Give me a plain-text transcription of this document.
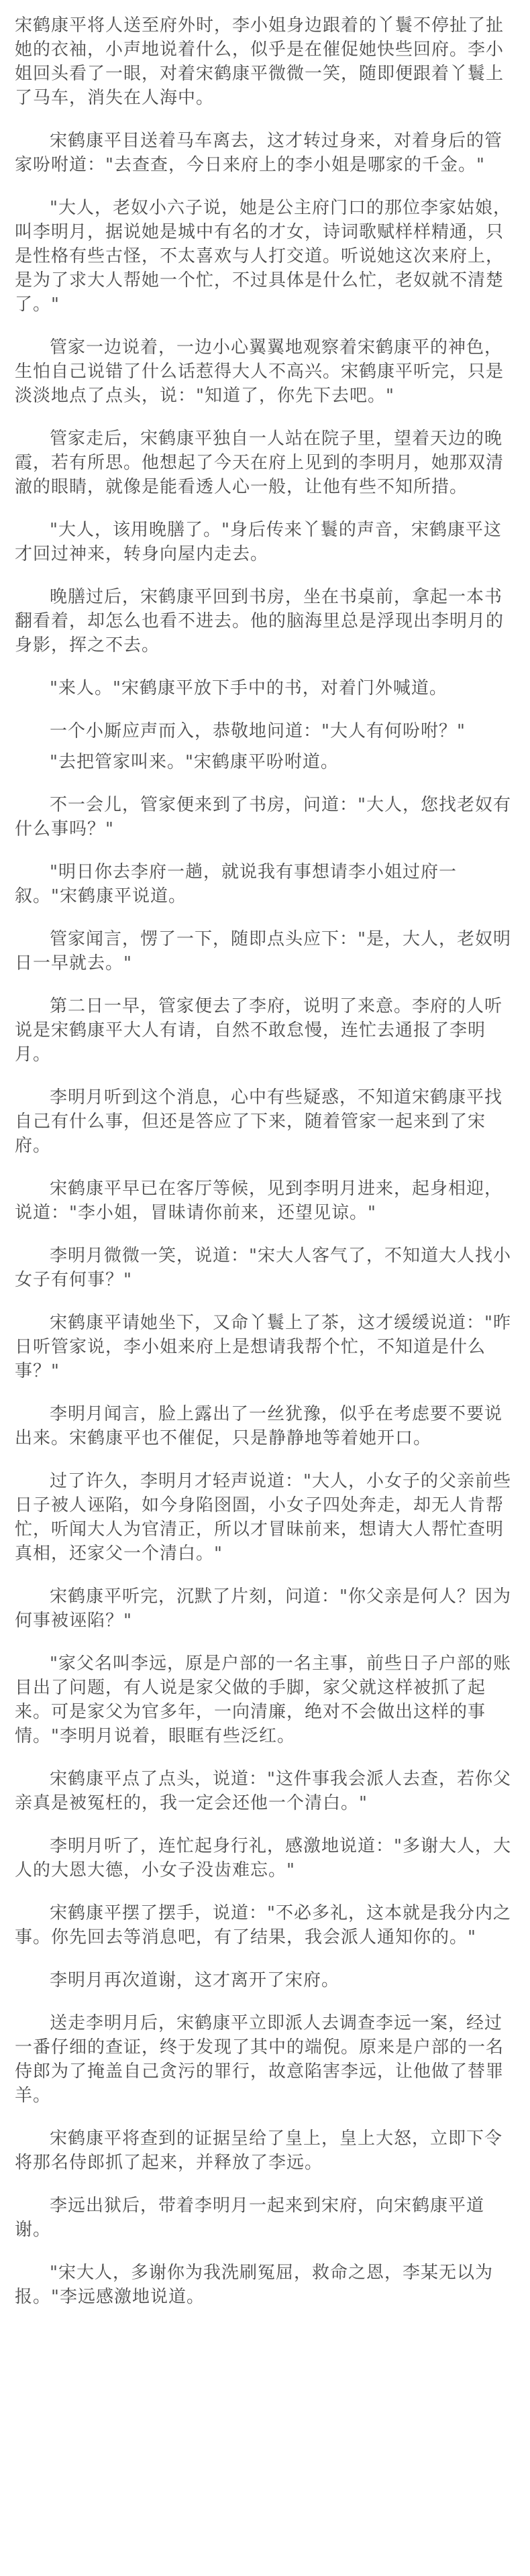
宋鹤康平将人送至府外时，李小姐身边跟着的丫鬟不停扯了扯她的衣袖，小声地说着什么，似乎是在催促她快些回府。李小姐回头看了一眼，对着宋鹤康平微微一笑，随即便跟着丫鬟上了马车，消失在人海中。

宋鹤康平目送着马车离去，这才转过身来，对着身后的管家吩咐道："去查查，今日来府上的李小姐是哪家的千金。"

"大人，老奴小六子说，她是公主府门口的那位李家姑娘，叫李明月，据说她是城中有名的才女，诗词歌赋样样精通，只是性格有些古怪，不太喜欢与人打交道。听说她这次来府上，是为了求大人帮她一个忙，不过具体是什么忙，老奴就不清楚了。"

管家一边说着，一边小心翼翼地观察着宋鹤康平的神色，生怕自己说错了什么话惹得大人不高兴。宋鹤康平听完，只是淡淡地点了点头，说："知道了，你先下去吧。"

管家走后，宋鹤康平独自一人站在院子里，望着天边的晚霞，若有所思。他想起了今天在府上见到的李明月，她那双清澈的眼睛，就像是能看透人心一般，让他有些不知所措。

"大人，该用晚膳了。"身后传来丫鬟的声音，宋鹤康平这才回过神来，转身向屋内走去。

晚膳过后，宋鹤康平回到书房，坐在书桌前，拿起一本书翻看着，却怎么也看不进去。他的脑海里总是浮现出李明月的身影，挥之不去。

"来人。"宋鹤康平放下手中的书，对着门外喊道。

一个小厮应声而入，恭敬地问道："大人有何吩咐？"

"去把管家叫来。"宋鹤康平吩咐道。

不一会儿，管家便来到了书房，问道："大人，您找老奴有什么事吗？"

"明日你去李府一趟，就说我有事想请李小姐过府一叙。"宋鹤康平说道。

管家闻言，愣了一下，随即点头应下："是，大人，老奴明日一早就去。"

第二日一早，管家便去了李府，说明了来意。李府的人听说是宋鹤康平大人有请，自然不敢怠慢，连忙去通报了李明月。

李明月听到这个消息，心中有些疑惑，不知道宋鹤康平找自己有什么事，但还是答应了下来，随着管家一起来到了宋府。

宋鹤康平早已在客厅等候，见到李明月进来，起身相迎，说道："李小姐，冒昧请你前来，还望见谅。"

李明月微微一笑，说道："宋大人客气了，不知道大人找小女子有何事？"

宋鹤康平请她坐下，又命丫鬟上了茶，这才缓缓说道："昨日听管家说，李小姐来府上是想请我帮个忙，不知道是什么事？"

李明月闻言，脸上露出了一丝犹豫，似乎在考虑要不要说出来。宋鹤康平也不催促，只是静静地等着她开口。

过了许久，李明月才轻声说道："大人，小女子的父亲前些日子被人诬陷，如今身陷囹圄，小女子四处奔走，却无人肯帮忙，听闻大人为官清正，所以才冒昧前来，想请大人帮忙查明真相，还家父一个清白。"

宋鹤康平听完，沉默了片刻，问道："你父亲是何人？因为何事被诬陷？"

"家父名叫李远，原是户部的一名主事，前些日子户部的账目出了问题，有人说是家父做的手脚，家父就这样被抓了起来。可是家父为官多年，一向清廉，绝对不会做出这样的事情。"李明月说着，眼眶有些泛红。

宋鹤康平点了点头，说道："这件事我会派人去查，若你父亲真是被冤枉的，我一定会还他一个清白。"

李明月听了，连忙起身行礼，感激地说道："多谢大人，大人的大恩大德，小女子没齿难忘。"

宋鹤康平摆了摆手，说道："不必多礼，这本就是我分内之事。你先回去等消息吧，有了结果，我会派人通知你的。"

李明月再次道谢，这才离开了宋府。

送走李明月后，宋鹤康平立即派人去调查李远一案，经过一番仔细的查证，终于发现了其中的端倪。原来是户部的一名侍郎为了掩盖自己贪污的罪行，故意陷害李远，让他做了替罪羊。

宋鹤康平将查到的证据呈给了皇上，皇上大怒，立即下令将那名侍郎抓了起来，并释放了李远。

李远出狱后，带着李明月一起来到宋府，向宋鹤康平道谢。

"宋大人，多谢你为我洗刷冤屈，救命之恩，李某无以为报。"李远感激地说道。
